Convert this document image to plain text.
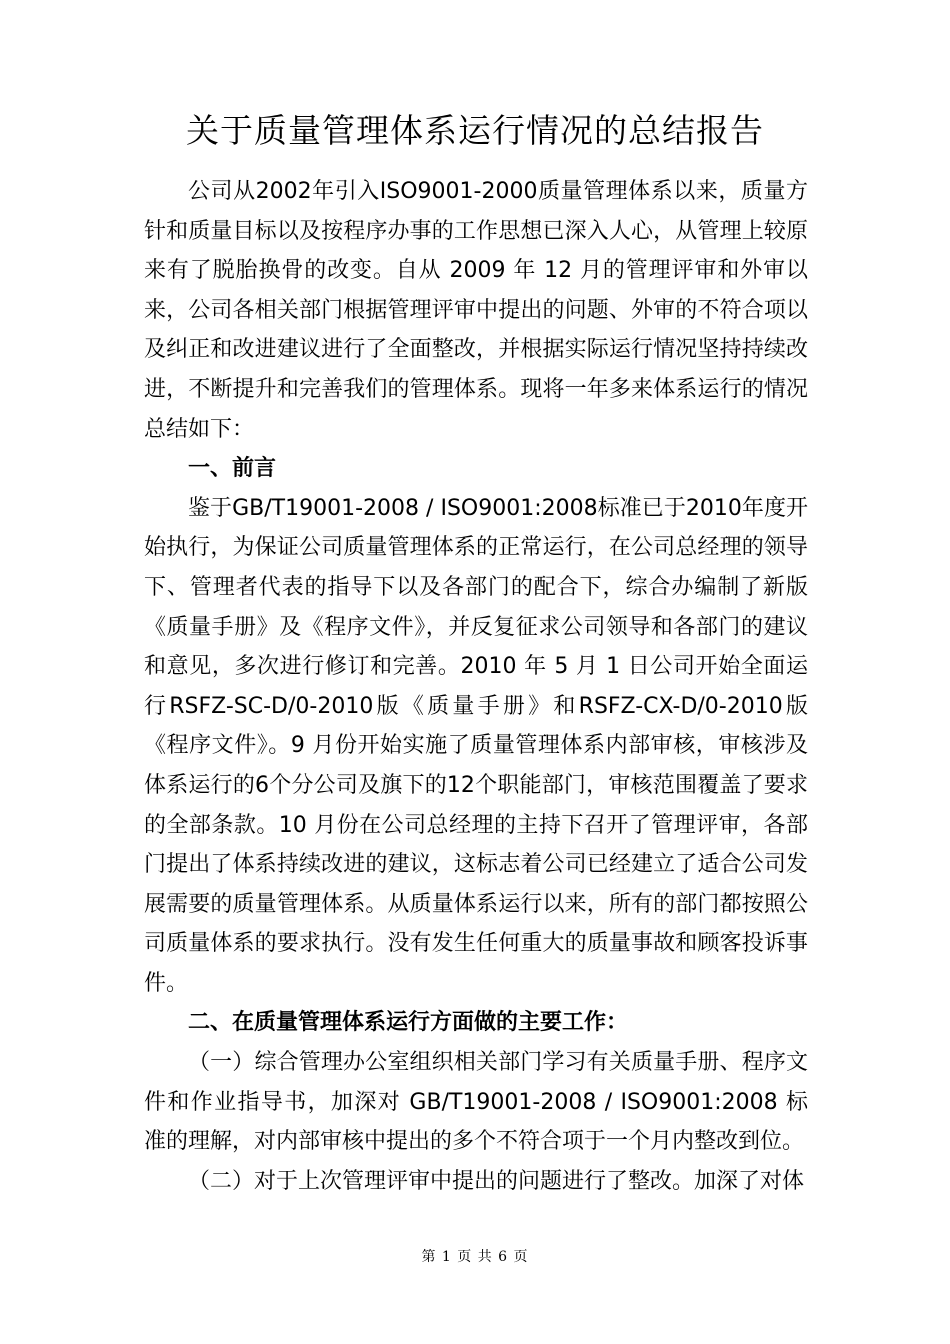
关于质量管理体系运行情况的总结报告

公司从2002年引入ISO9001-2000质量管理体系以来，质量方针和质量目标以及按程序办事的工作思想已深入人心，从管理上较原来有了脱胎换骨的改变。自从 2009 年 12 月的管理评审和外审以来，公司各相关部门根据管理评审中提出的问题、外审的不符合项以及纠正和改进建议进行了全面整改，并根据实际运行情况坚持持续改进，不断提升和完善我们的管理体系。现将一年多来体系运行的情况总结如下：

一、前言

鉴于GB/T19001-2008 / ISO9001:2008标准已于2010年度开始执行，为保证公司质量管理体系的正常运行，在公司总经理的领导下、管理者代表的指导下以及各部门的配合下，综合办编制了新版《质量手册》及《程序文件》，并反复征求公司领导和各部门的建议和意见，多次进行修订和完善。2010 年 5 月 1 日公司开始全面运行RSFZ-SC-D/0-2010版《质量手册》和RSFZ-CX-D/0-2010版《程序文件》。9 月份开始实施了质量管理体系内部审核，审核涉及体系运行的6个分公司及旗下的12个职能部门，审核范围覆盖了要求的全部条款。10 月份在公司总经理的主持下召开了管理评审，各部门提出了体系持续改进的建议，这标志着公司已经建立了适合公司发展需要的质量管理体系。从质量体系运行以来，所有的部门都按照公司质量体系的要求执行。没有发生任何重大的质量事故和顾客投诉事件。

二、在质量管理体系运行方面做的主要工作：

（一）综合管理办公室组织相关部门学习有关质量手册、程序文件和作业指导书，加深对 GB/T19001-2008 / ISO9001:2008 标准的理解，对内部审核中提出的多个不符合项于一个月内整改到位。

（二）对于上次管理评审中提出的问题进行了整改。加深了对体

第 1 页 共 6 页
